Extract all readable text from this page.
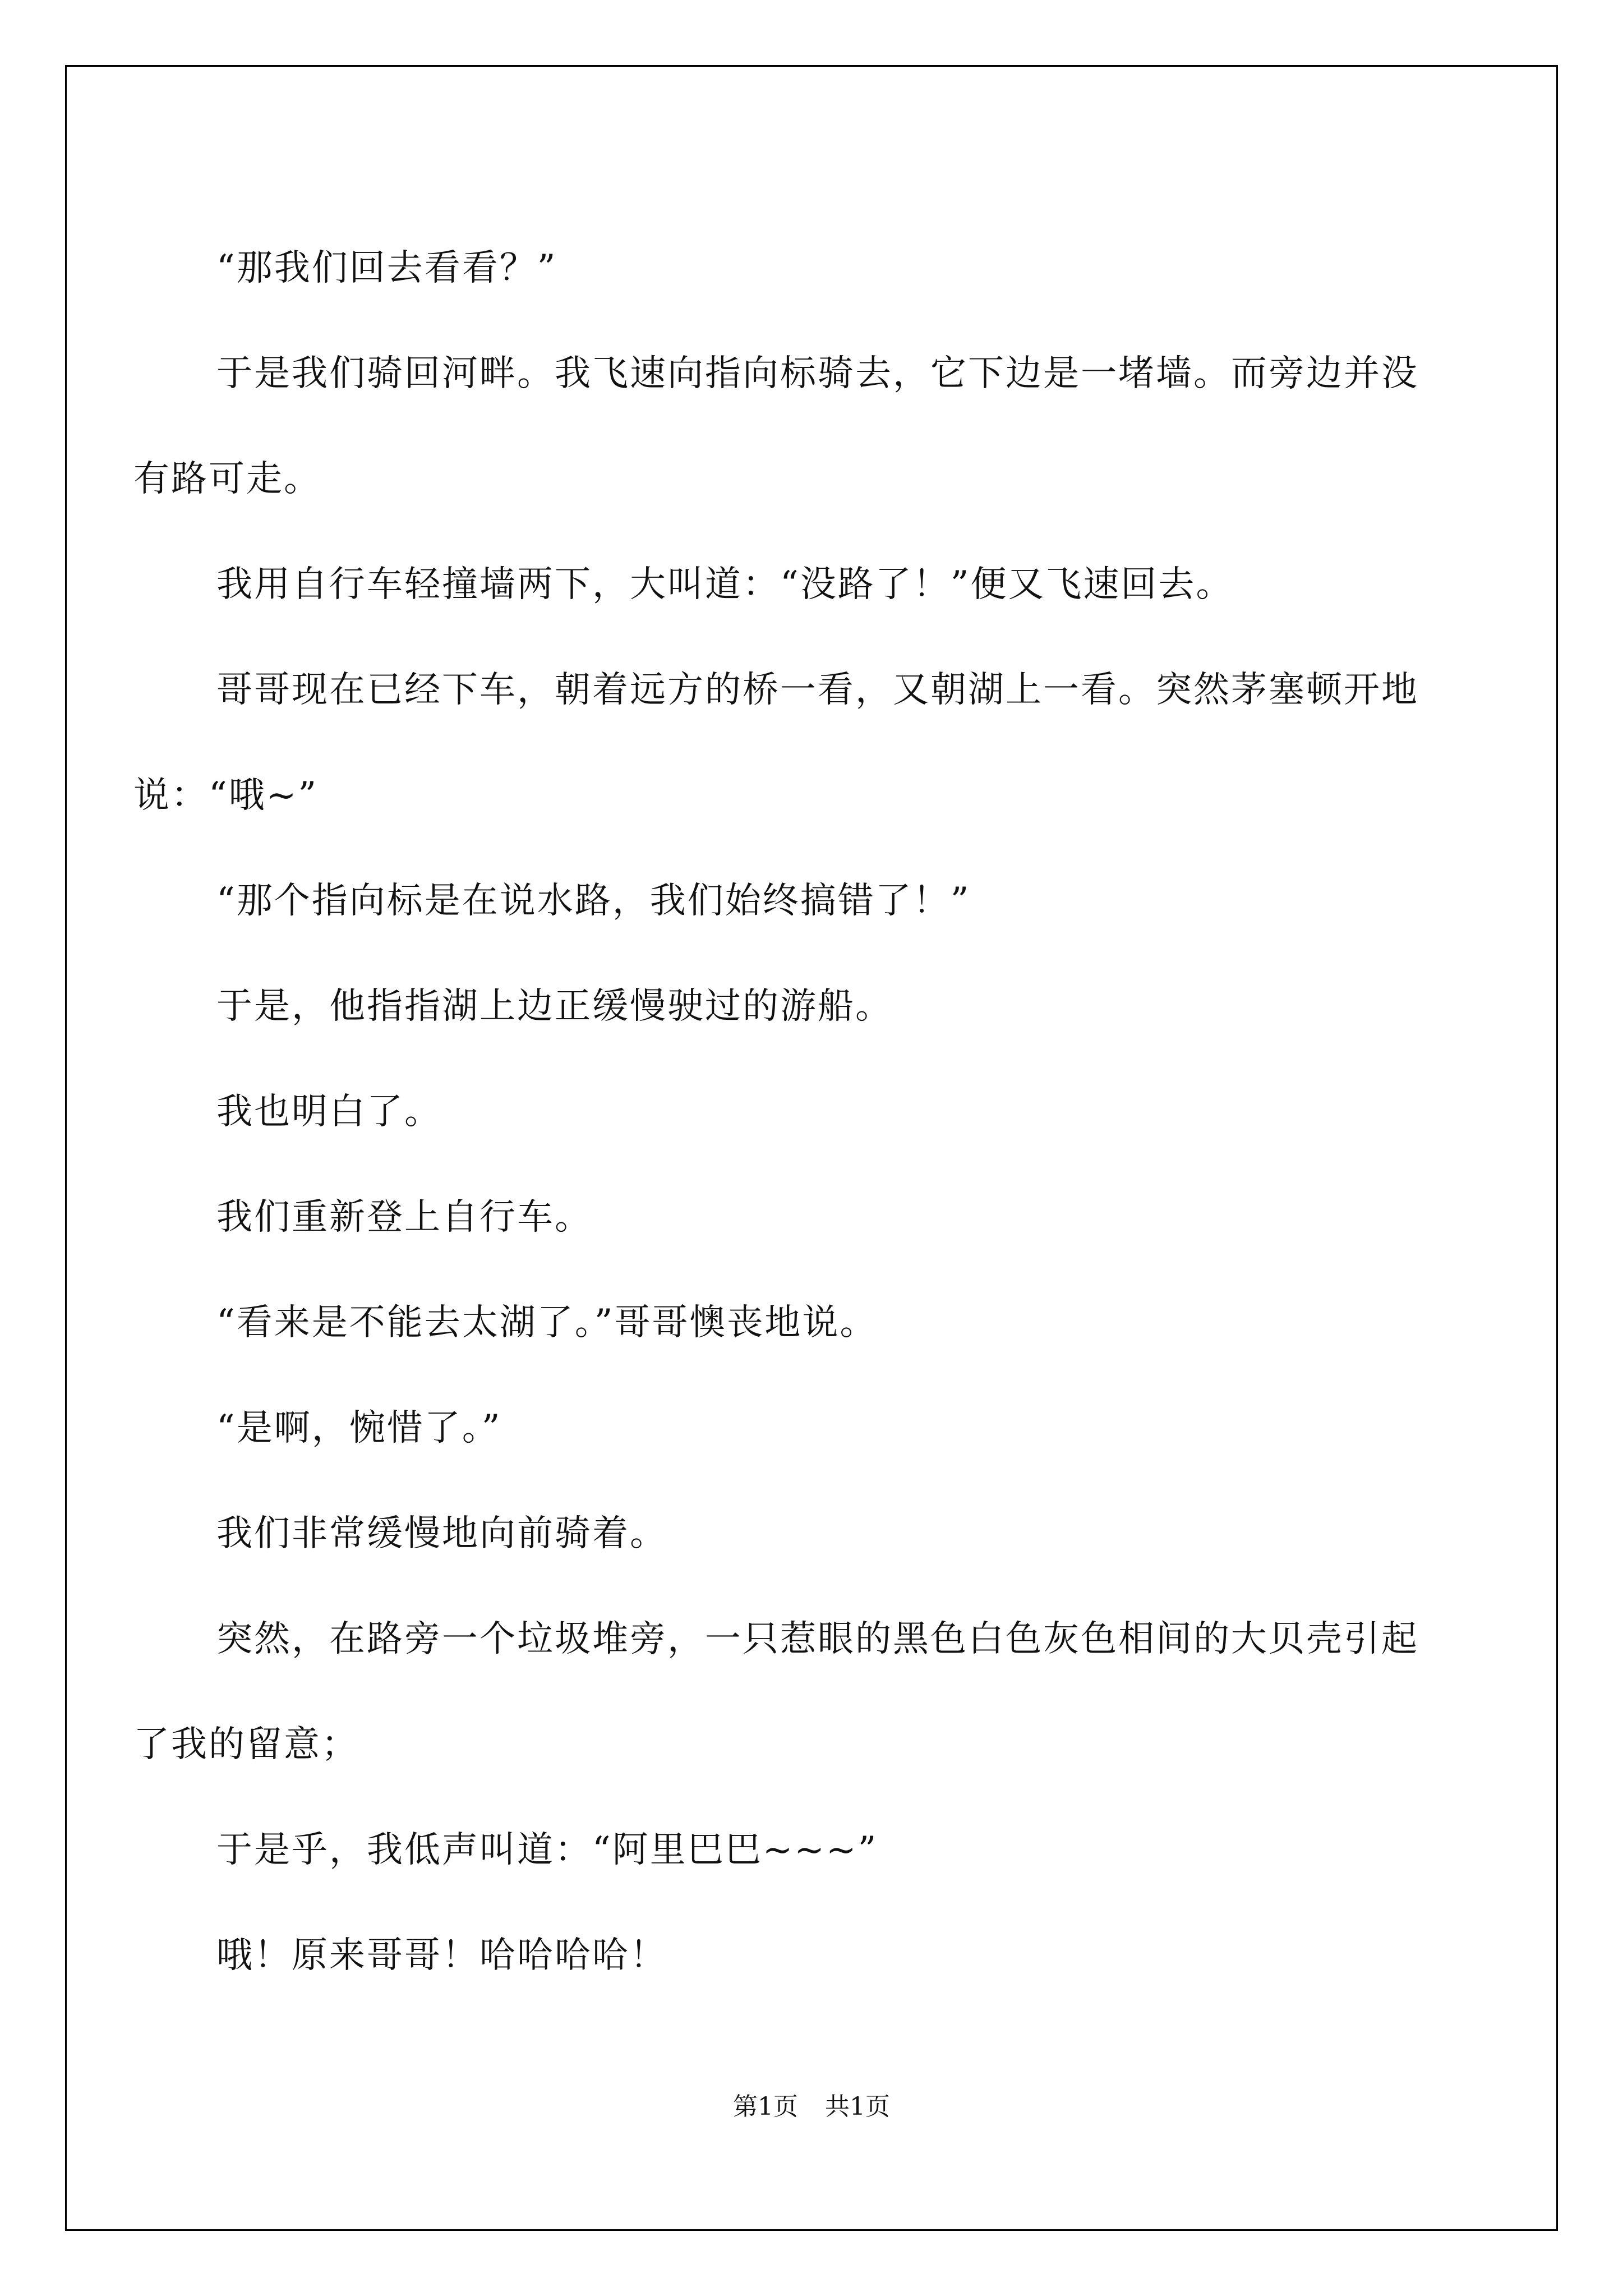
“那我们回去看看？”

于是我们骑回河畔。我飞速向指向标骑去，它下边是一堵墙。而旁边并没有路可走。

我用自行车轻撞墙两下，大叫道：“没路了！”便又飞速回去。

哥哥现在已经下车，朝着远方的桥一看，又朝湖上一看。突然茅塞顿开地说：“哦~”

“那个指向标是在说水路，我们始终搞错了！”

于是，他指指湖上边正缓慢驶过的游船。

我也明白了。

我们重新登上自行车。

“看来是不能去太湖了。”哥哥懊丧地说。

“是啊，惋惜了。”

我们非常缓慢地向前骑着。

突然，在路旁一个垃圾堆旁，一只惹眼的黑色白色灰色相间的大贝壳引起了我的留意；

于是乎，我低声叫道：“阿里巴巴~~~”

哦！原来哥哥！哈哈哈哈！

第1页 共1页
